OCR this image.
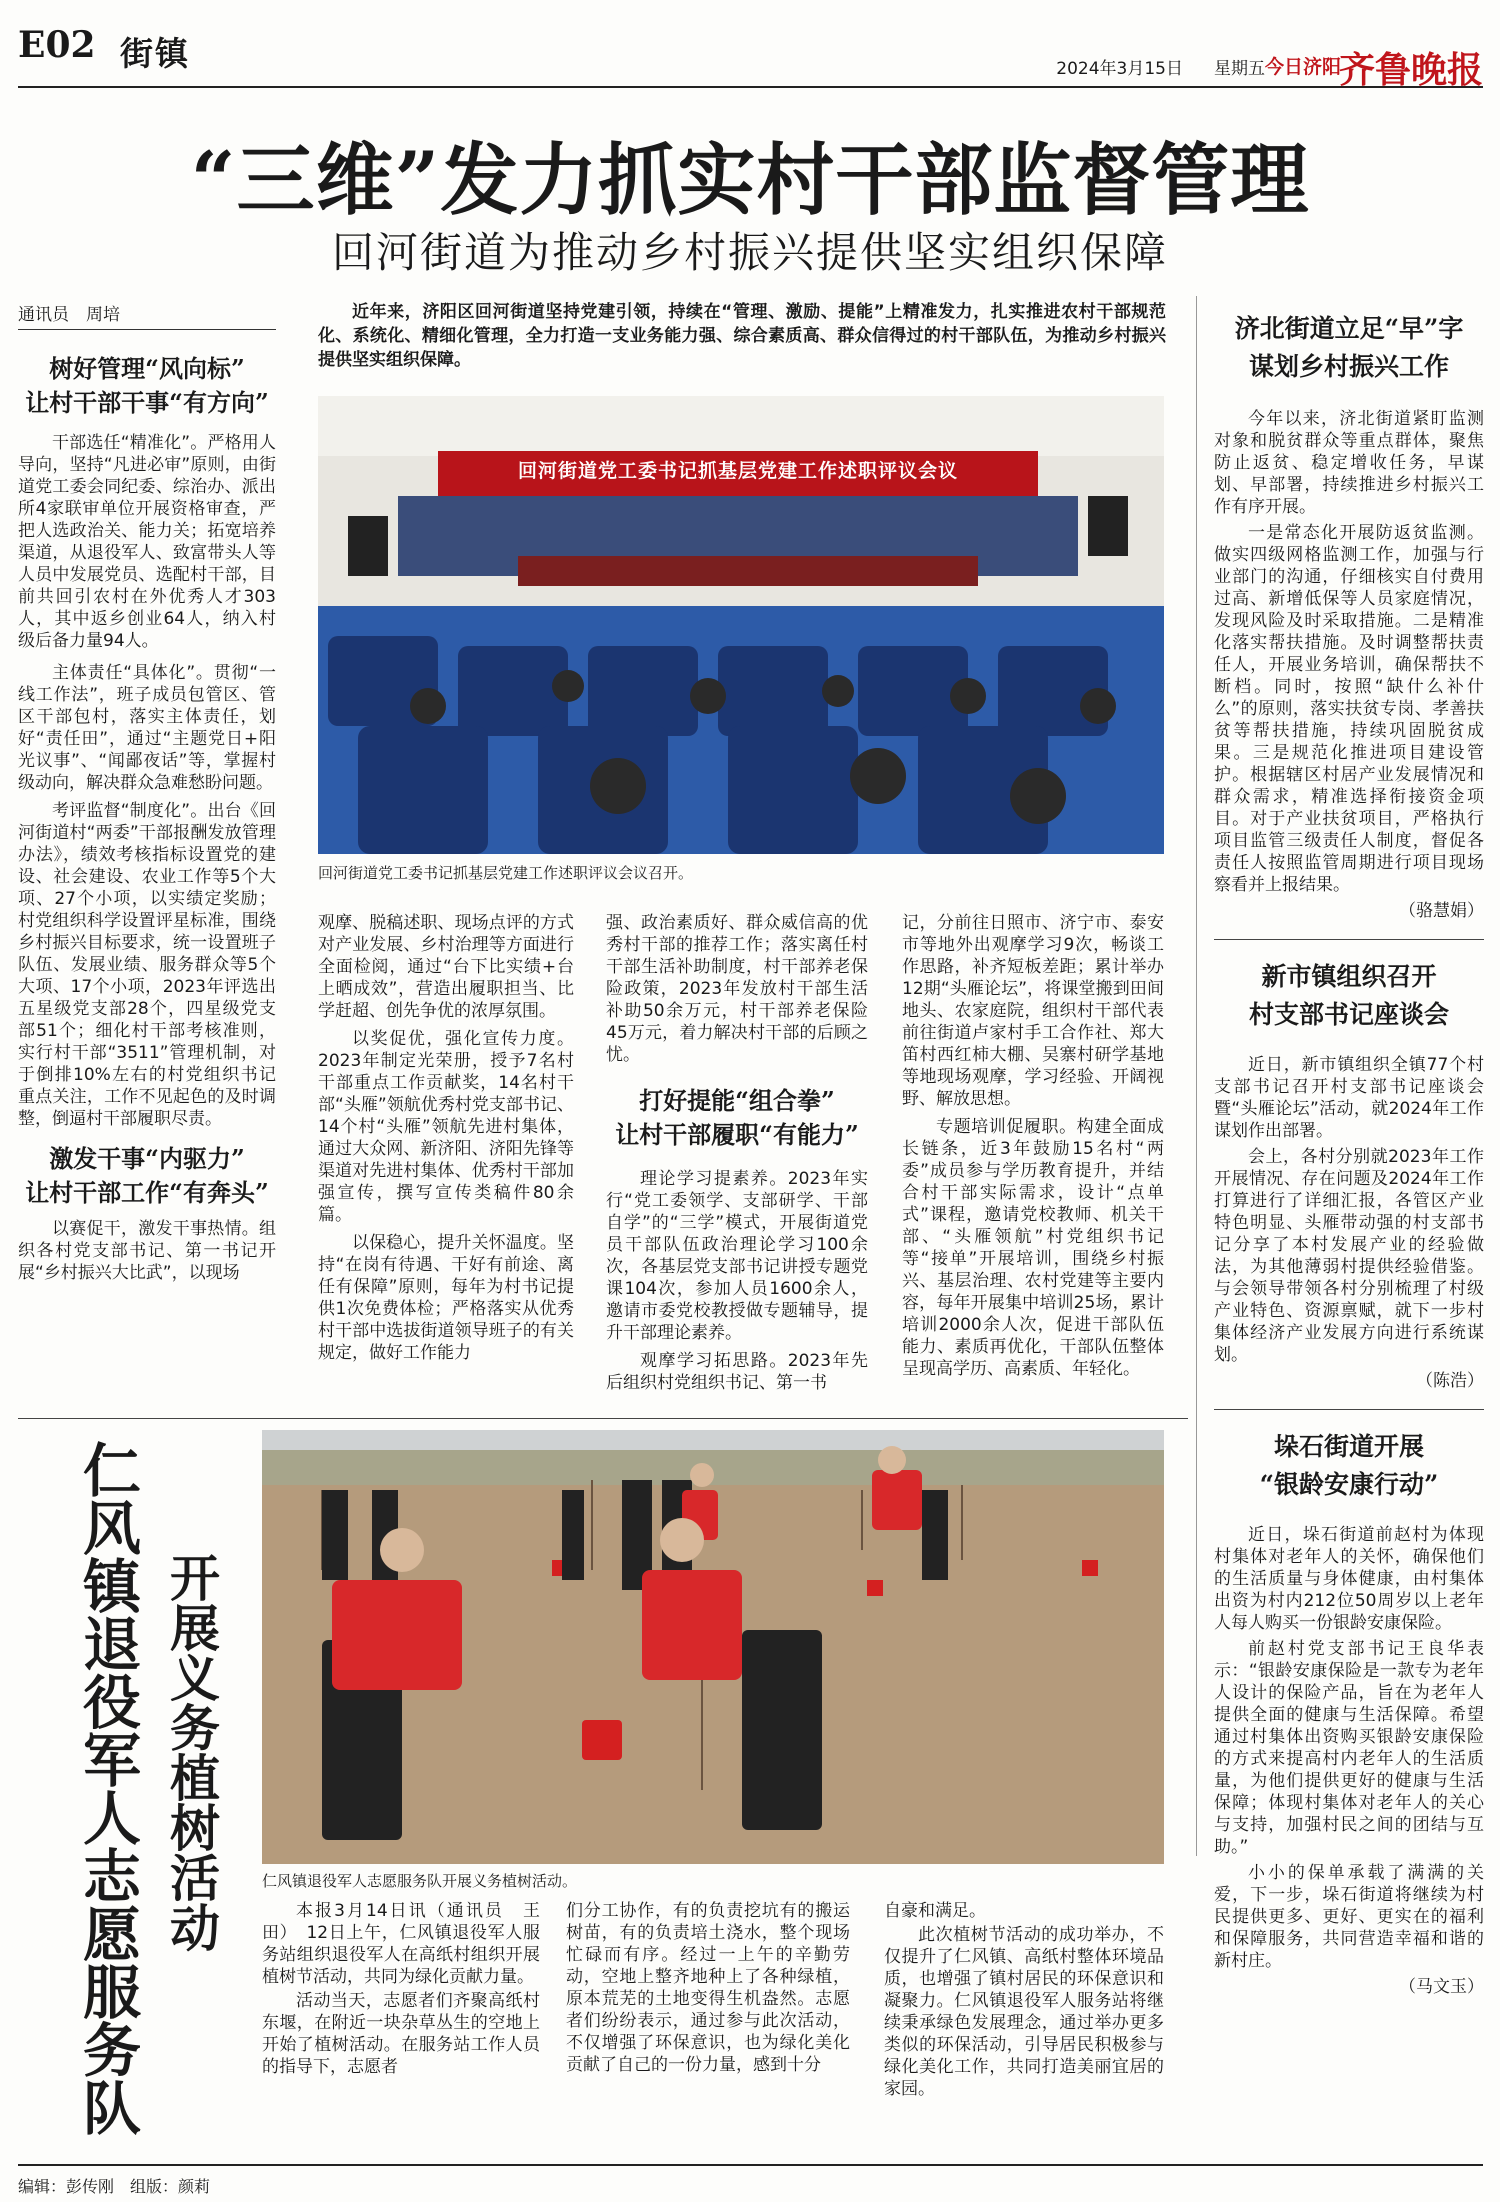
E02 街镇	2024年3月15日 星期五 今日济阳
齐鲁晚报
“三维”发力抓实村干部监督管理
回河街道为推动乡村振兴提供坚实组织保障
通讯员　周培
树好管理“风向标”
让村干部干事“有方向”

干部选任“精准化”。严格用人导向，坚持“凡进必审”原则，由街道党工委会同纪委、综治办、派出所4家联审单位开展资格审查，严把人选政治关、能力关；拓宽培养渠道，从退役军人、致富带头人等人员中发展党员、选配村干部，目前共回引农村在外优秀人才303人，其中返乡创业64人，纳入村级后备力量94人。

主体责任“具体化”。贯彻“一线工作法”，班子成员包管区、管区干部包村，落实主体责任，划好“责任田”，通过“主题党日+阳光议事”、“闻鄙夜话”等，掌握村级动向，解决群众急难愁盼问题。

考评监督“制度化”。出台《回河街道村“两委”干部报酬发放管理办法》，绩效考核指标设置党的建设、社会建设、农业工作等5个大项、27个小项，以实绩定奖励；村党组织科学设置评星标准，围绕乡村振兴目标要求，统一设置班子队伍、发展业绩、服务群众等5个大项、17个小项，2023年评选出五星级党支部28个，四星级党支部51个；细化村干部考核准则，实行村干部“3511”管理机制，对于倒排10%左右的村党组织书记重点关注，工作不见起色的及时调整，倒逼村干部履职尽责。

激发干事“内驱力”
让村干部工作“有奔头”

以赛促干，激发干事热情。组织各村党支部书记、第一书记开展“乡村振兴大比武”，以现场

近年来，济阳区回河街道坚持党建引领，持续在“管理、激励、提能”上精准发力，扎实推进农村干部规范化、系统化、精细化管理，全力打造一支业务能力强、综合素质高、群众信得过的村干部队伍，为推动乡村振兴提供坚实组织保障。

回河街道党工委书记抓基层党建工作述职评议会议
回河街道党工委书记抓基层党建工作述职评议会议召开。

观摩、脱稿述职、现场点评的方式对产业发展、乡村治理等方面进行全面检阅，通过“台下比实绩+台上晒成效”，营造出履职担当、比学赶超、创先争优的浓厚氛围。

以奖促优，强化宣传力度。2023年制定光荣册，授予7名村干部重点工作贡献奖，14名村干部“头雁”领航优秀村党支部书记、14个村“头雁”领航先进村集体，通过大众网、新济阳、济阳先锋等渠道对先进村集体、优秀村干部加强宣传，撰写宣传类稿件80余篇。

以保稳心，提升关怀温度。坚持“在岗有待遇、干好有前途、离任有保障”原则，每年为村书记提供1次免费体检；严格落实从优秀村干部中选拔街道领导班子的有关规定，做好工作能力

强、政治素质好、群众威信高的优秀村干部的推荐工作；落实离任村干部生活补助制度，村干部养老保险政策，2023年发放村干部生活补助50余万元，村干部养老保险45万元，着力解决村干部的后顾之忧。

打好提能“组合拳”
让村干部履职“有能力”

理论学习提素养。2023年实行“党工委领学、支部研学、干部自学”的“三学”模式，开展街道党员干部队伍政治理论学习100余次，各基层党支部书记讲授专题党课104次，参加人员1600余人，邀请市委党校教授做专题辅导，提升干部理论素养。

观摩学习拓思路。2023年先后组织村党组织书记、第一书

记，分前往日照市、济宁市、泰安市等地外出观摩学习9次，畅谈工作思路，补齐短板差距；累计举办12期“头雁论坛”，将课堂搬到田间地头、农家庭院，组织村干部代表前往街道卢家村手工合作社、郑大笛村西红柿大棚、吴寨村研学基地等地现场观摩，学习经验、开阔视野、解放思想。

专题培训促履职。构建全面成长链条，近3年鼓励15名村“两委”成员参与学历教育提升，并结合村干部实际需求，设计“点单式”课程，邀请党校教师、机关干部、“头雁领航”村党组织书记等“接单”开展培训，围绕乡村振兴、基层治理、农村党建等主要内容，每年开展集中培训25场，累计培训2000余人次，促进干部队伍能力、素质再优化，干部队伍整体呈现高学历、高素质、年轻化。

济北街道立足“早”字
谋划乡村振兴工作

今年以来，济北街道紧盯监测对象和脱贫群众等重点群体，聚焦防止返贫、稳定增收任务，早谋划、早部署，持续推进乡村振兴工作有序开展。

一是常态化开展防返贫监测。做实四级网格监测工作，加强与行业部门的沟通，仔细核实自付费用过高、新增低保等人员家庭情况，发现风险及时采取措施。二是精准化落实帮扶措施。及时调整帮扶责任人，开展业务培训，确保帮扶不断档。同时，按照“缺什么补什么”的原则，落实扶贫专岗、孝善扶贫等帮扶措施，持续巩固脱贫成果。三是规范化推进项目建设管护。根据辖区村居产业发展情况和群众需求，精准选择衔接资金项目。对于产业扶贫项目，严格执行项目监管三级责任人制度，督促各责任人按照监管周期进行项目现场察看并上报结果。

（骆慧娟）
新市镇组织召开
村支部书记座谈会

近日，新市镇组织全镇77个村支部书记召开村支部书记座谈会暨“头雁论坛”活动，就2024年工作谋划作出部署。

会上，各村分别就2023年工作开展情况、存在问题及2024年工作打算进行了详细汇报，各管区产业特色明显、头雁带动强的村支部书记分享了本村发展产业的经验做法，为其他薄弱村提供经验借鉴。与会领导带领各村分别梳理了村级产业特色、资源禀赋，就下一步村集体经济产业发展方向进行系统谋划。

（陈浩）
垛石街道开展
“银龄安康行动”

近日，垛石街道前赵村为体现村集体对老年人的关怀，确保他们的生活质量与身体健康，由村集体出资为村内212位50周岁以上老年人每人购买一份银龄安康保险。

前赵村党支部书记王良华表示：“银龄安康保险是一款专为老年人设计的保险产品，旨在为老年人提供全面的健康与生活保障。希望通过村集体出资购买银龄安康保险的方式来提高村内老年人的生活质量，为他们提供更好的健康与生活保障；体现村集体对老年人的关心与支持，加强村民之间的团结与互助。”

小小的保单承载了满满的关爱，下一步，垛石街道将继续为村民提供更多、更好、更实在的福利和保障服务，共同营造幸福和谐的新村庄。

（马文玉）
仁风镇退役军人志愿服务队 开展义务植树活动	仁风镇退役军人志愿服务队开展义务植树活动。

本报3月14日讯（通讯员　王田）　12日上午，仁风镇退役军人服务站组织退役军人在高纸村组织开展植树节活动，共同为绿化贡献力量。

活动当天，志愿者们齐聚高纸村东堰，在附近一块杂草丛生的空地上开始了植树活动。在服务站工作人员的指导下，志愿者

们分工协作，有的负责挖坑有的搬运树苗，有的负责培土浇水，整个现场忙碌而有序。经过一上午的辛勤劳动，空地上整齐地种上了各种绿植，原本荒芜的土地变得生机盎然。志愿者们纷纷表示，通过参与此次活动，不仅增强了环保意识，也为绿化美化贡献了自己的一份力量，感到十分

自豪和满足。

此次植树节活动的成功举办，不仅提升了仁风镇、高纸村整体环境品质，也增强了镇村居民的环保意识和凝聚力。仁风镇退役军人服务站将继续秉承绿色发展理念，通过举办更多类似的环保活动，引导居民积极参与绿化美化工作，共同打造美丽宜居的家园。

编辑：彭传刚　组版：颜莉
